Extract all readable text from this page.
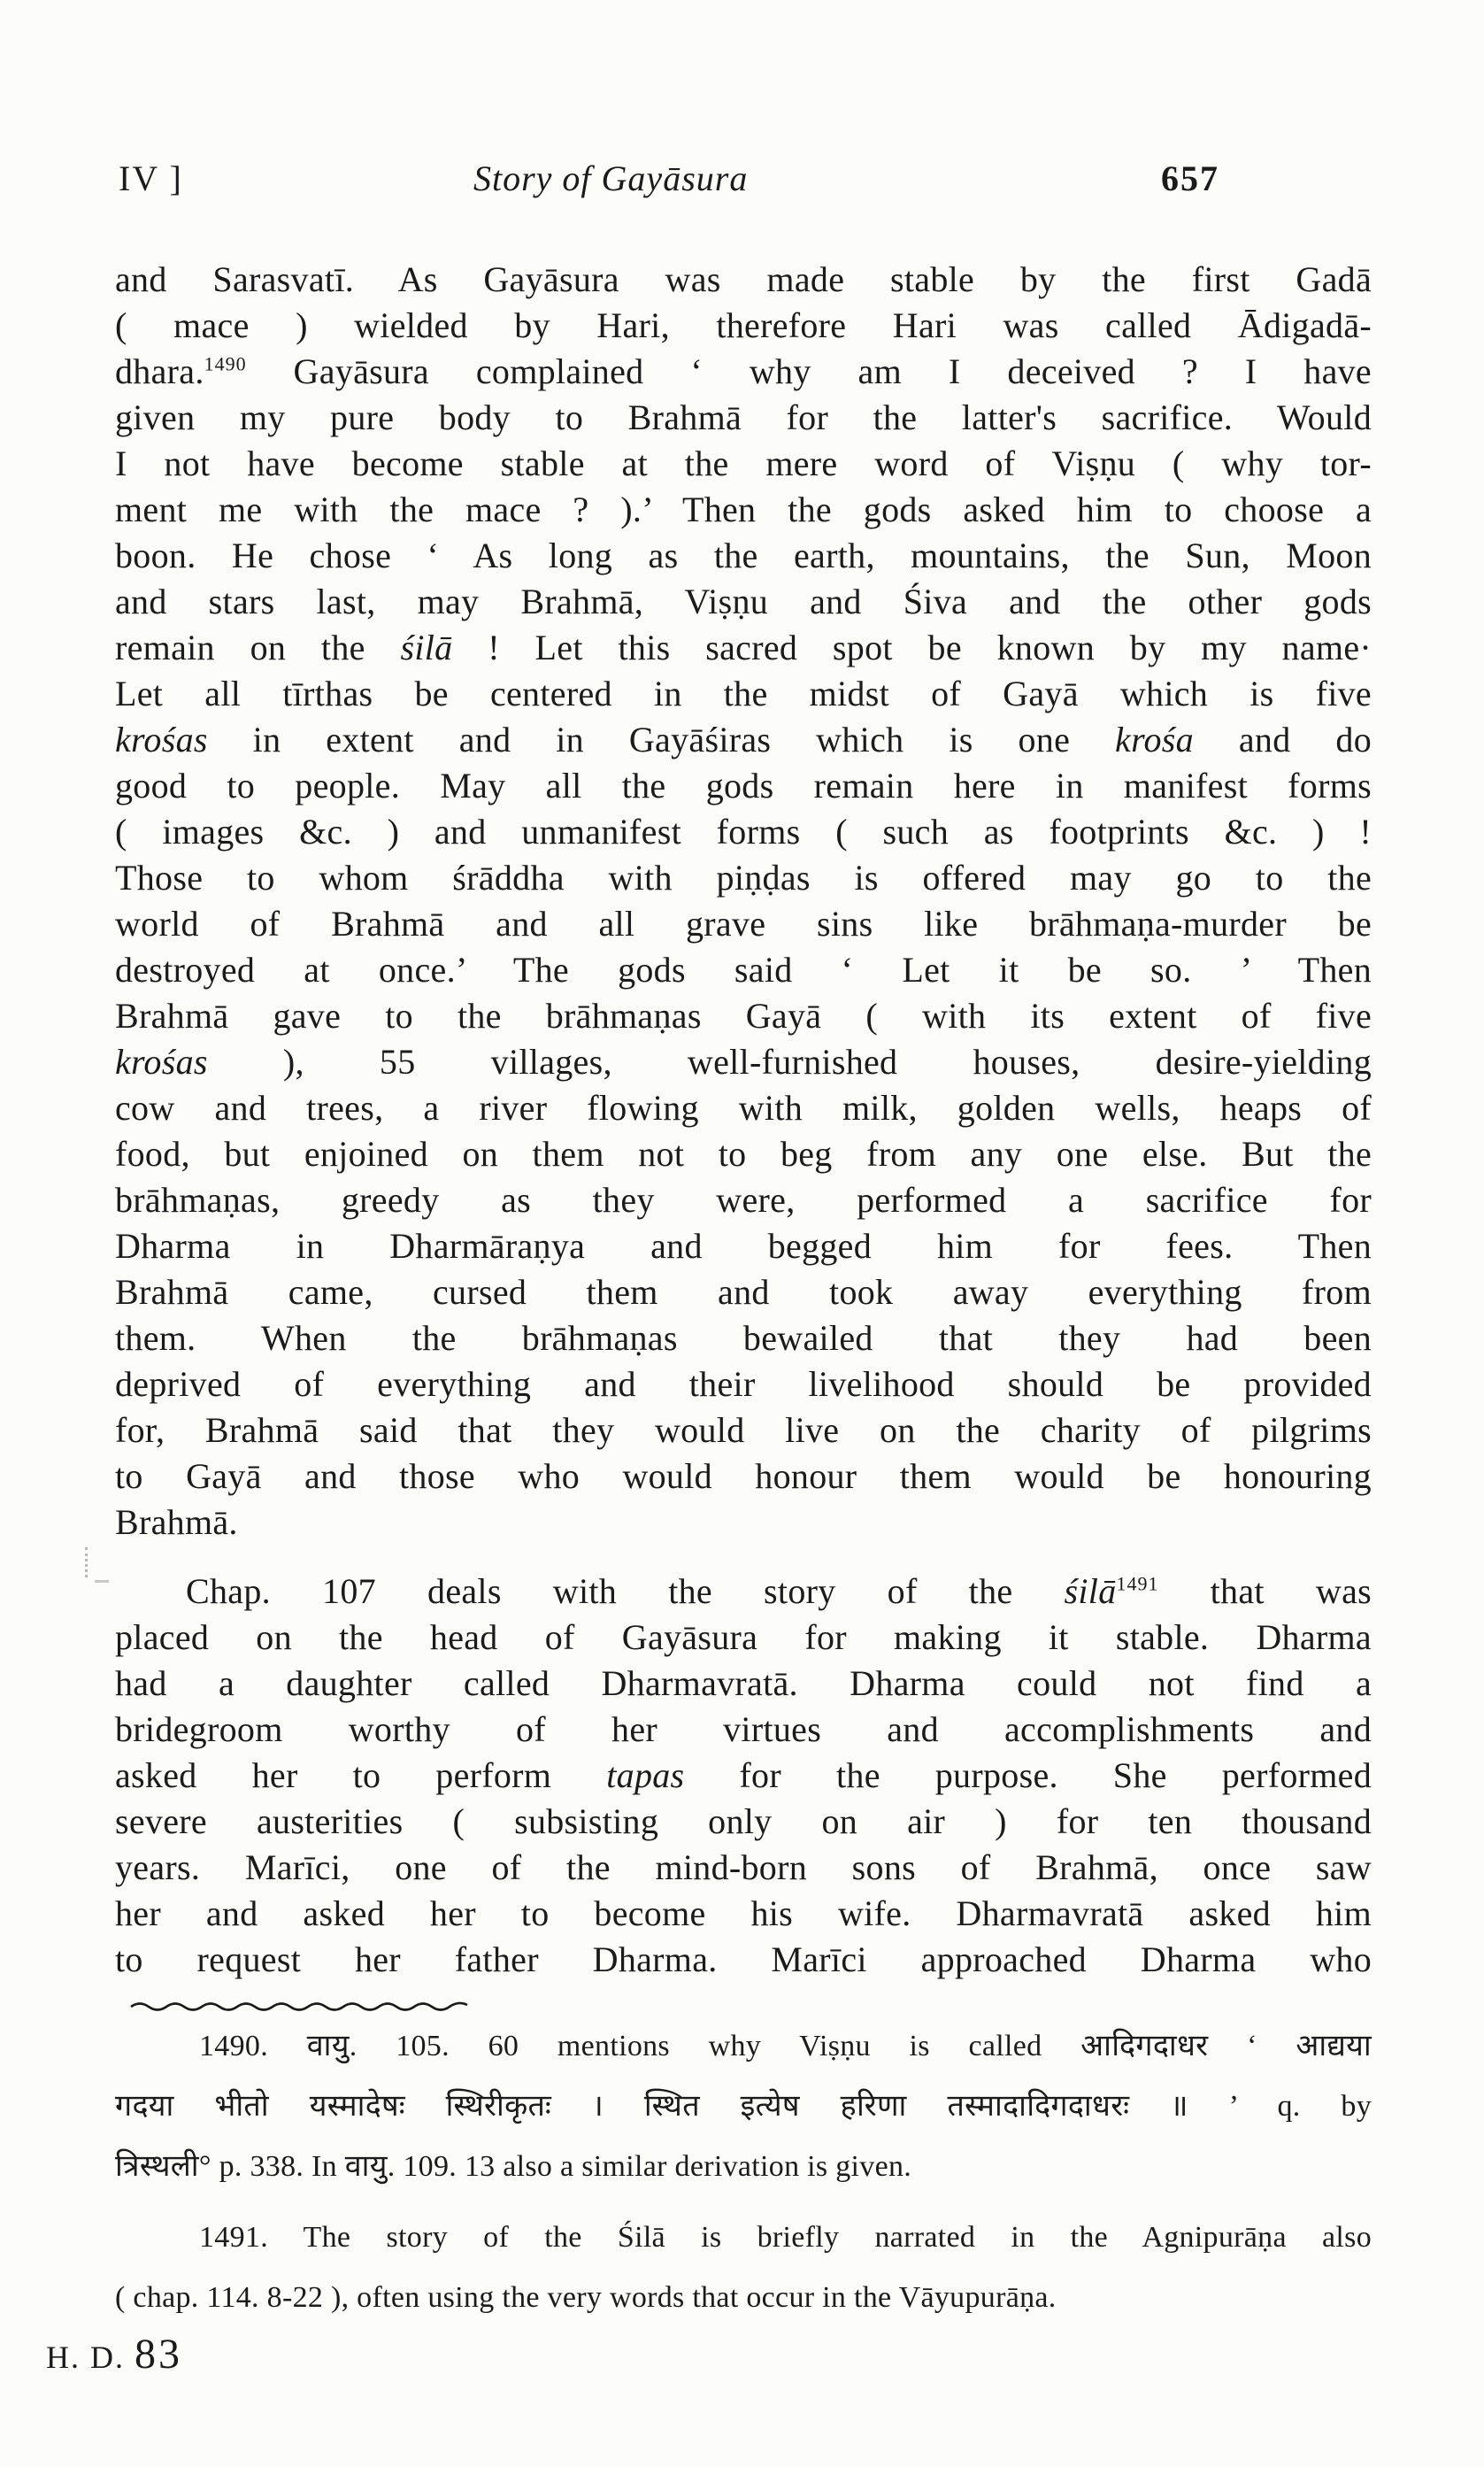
IV ]	Story of Gayāsura	657
and Sarasvatī. As Gayāsura was made stable by the first Gadā
( mace ) wielded by Hari, therefore Hari was called Ādigadā-
dhara.$^{1490}$ Gayāsura complained ‘ why am I deceived ? I have
given my pure body to Brahmā for the latter's sacrifice. Would
I not have become stable at the mere word of Viṣṇu ( why tor-
ment me with the mace ? ).’ Then the gods asked him to choose a
boon. He chose ‘ As long as the earth, mountains, the Sun, Moon
and stars last, may Brahmā, Viṣṇu and Śiva and the other gods
remain on the śilā ! Let this sacred spot be known by my name·
Let all tīrthas be centered in the midst of Gayā which is five
krośas in extent and in Gayāśiras which is one krośa and do
good to people. May all the gods remain here in manifest forms
( images &c. ) and unmanifest forms ( such as footprints &c. ) !
Those to whom śrāddha with piṇḍas is offered may go to the
world of Brahmā and all grave sins like brāhmaṇa-murder be
destroyed at once.’ The gods said ‘ Let it be so. ’ Then
Brahmā gave to the brāhmaṇas Gayā ( with its extent of five
krośas ), 55 villages, well-furnished houses, desire-yielding
cow and trees, a river flowing with milk, golden wells, heaps of
food, but enjoined on them not to beg from any one else. But the
brāhmaṇas, greedy as they were, performed a sacrifice for
Dharma in Dharmāraṇya and begged him for fees. Then
Brahmā came, cursed them and took away everything from
them. When the brāhmaṇas bewailed that they had been
deprived of everything and their livelihood should be provided
for, Brahmā said that they would live on the charity of pilgrims
to Gayā and those who would honour them would be honouring
Brahmā.
Chap. 107 deals with the story of the śilā$^{1491}$ that was
placed on the head of Gayāsura for making it stable. Dharma
had a daughter called Dharmavratā. Dharma could not find a
bridegroom worthy of her virtues and accomplishments and
asked her to perform tapas for the purpose. She performed
severe austerities ( subsisting only on air ) for ten thousand
years. Marīci, one of the mind-born sons of Brahmā, once saw
her and asked her to become his wife. Dharmavratā asked him
to request her father Dharma. Marīci approached Dharma who
1490. वायु. 105. 60 mentions why Viṣṇu is called आदिगदाधर ‘ आद्यया
गदया भीतो यस्मादेषः स्थिरीकृतः । स्थित इत्येष हरिणा तस्मादादिगदाधरः ॥ ’ q. by
त्रिस्थली° p. 338. In वायु. 109. 13 also a similar derivation is given.
1491. The story of the Śilā is briefly narrated in the Agnipurāṇa also
( chap. 114. 8-22 ), often using the very words that occur in the Vāyupurāṇa.
H. D. 83
